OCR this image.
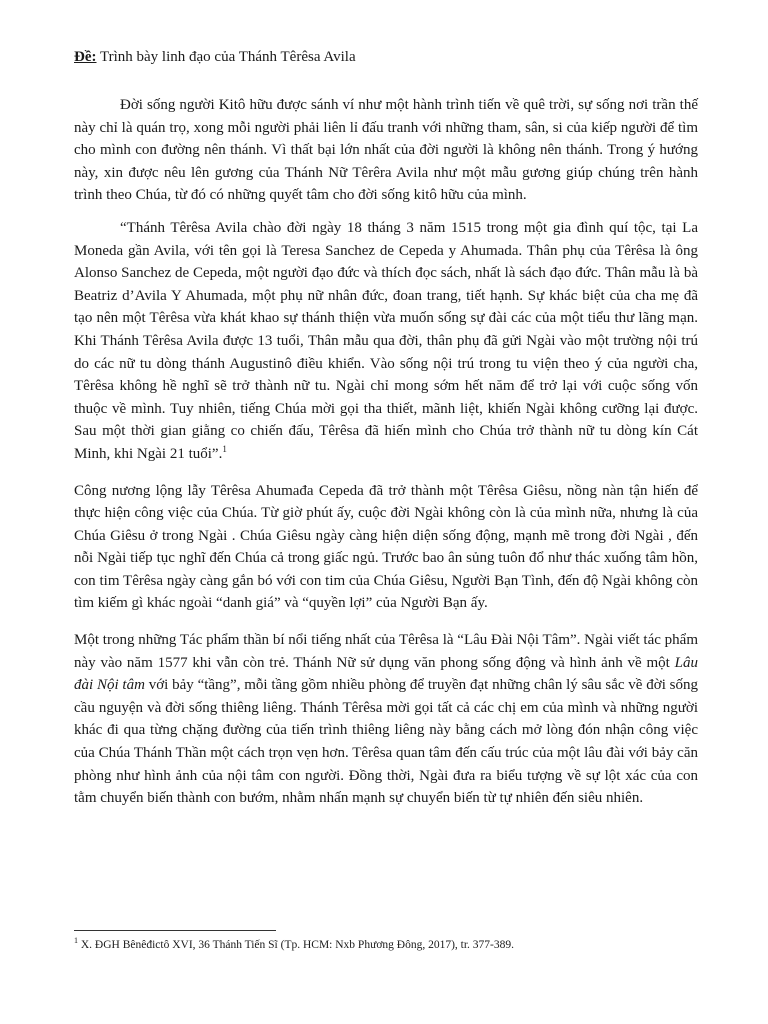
Đề: Trình bày linh đạo của Thánh Têrêsa Avila

Đời sống người Kitô hữu được sánh ví như một hành trình tiến về quê trời, sự sống nơi trần thế này chỉ là quán trọ, xong mỗi người phải liên lỉ đấu tranh với những tham, sân, si của kiếp người để tìm cho mình con đường nên thánh. Vì thất bại lớn nhất của đời người là không nên thánh. Trong ý hướng này, xin được nêu lên gương của Thánh Nữ Têrêra Avila như một mẫu gương giúp chúng trên hành trình theo Chúa, từ đó có những quyết tâm cho đời sống kitô hữu của mình.

“Thánh Têrêsa Avila chào đời ngày 18 tháng 3 năm 1515 trong một gia đình quí tộc, tại La Moneda gần Avila, với tên gọi là Teresa Sanchez de Cepeda y Ahumada. Thân phụ của Têrêsa là ông Alonso Sanchez de Cepeda, một người đạo đức và thích đọc sách, nhất là sách đạo đức. Thân mẫu là bà Beatriz d’Avila Y Ahumada, một phụ nữ nhân đức, đoan trang, tiết hạnh. Sự khác biệt của cha mẹ đã tạo nên một Têrêsa vừa khát khao sự thánh thiện vừa muốn sống sự đài các của một tiểu thư lãng mạn. Khi Thánh Têrêsa Avila được 13 tuổi, Thân mẫu qua đời, thân phụ đã gửi Ngài vào một trường nội trú do các nữ tu dòng thánh Augustinô điều khiển. Vào sống nội trú trong tu viện theo ý của người cha, Têrêsa không hề nghĩ sẽ trở thành nữ tu. Ngài chỉ mong sớm hết năm để trở lại với cuộc sống vốn thuộc về mình. Tuy nhiên, tiếng Chúa mời gọi tha thiết, mãnh liệt, khiến Ngài không cưỡng lại được. Sau một thời gian giằng co chiến đấu, Têrêsa đã hiến mình cho Chúa trở thành nữ tu dòng kín Cát Minh, khi Ngài 21 tuổi”.$^1$

Công nương lộng lẫy Têrêsa Ahumađa Cepeda đã trở thành một Têrêsa Giêsu, nồng nàn tận hiến để thực hiện công việc của Chúa. Từ giờ phút ấy, cuộc đời Ngài không còn là của mình nữa, nhưng là của Chúa Giêsu ở trong Ngài . Chúa Giêsu ngày càng hiện diện sống động, mạnh mẽ trong đời Ngài , đến nỗi Ngài tiếp tục nghĩ đến Chúa cả trong giấc ngủ. Trước bao ân sủng tuôn đổ như thác xuống tâm hồn, con tim Têrêsa ngày càng gắn bó với con tim của Chúa Giêsu, Người Bạn Tình, đến độ Ngài không còn tìm kiếm gì khác ngoài “danh giá” và “quyền lợi” của Người Bạn ấy.

Một trong những Tác phẩm thần bí nổi tiếng nhất của Têrêsa là “Lâu Đài Nội Tâm”. Ngài viết tác phẩm này vào năm 1577 khi vẫn còn trẻ. Thánh Nữ sử dụng văn phong sống động và hình ảnh về một Lâu đài Nội tâm với bảy “tầng”, mỗi tầng gồm nhiều phòng để truyền đạt những chân lý sâu sắc về đời sống cầu nguyện và đời sống thiêng liêng. Thánh Têrêsa mời gọi tất cả các chị em của mình và những người khác đi qua từng chặng đường của tiến trình thiêng liêng này bằng cách mở lòng đón nhận công việc của Chúa Thánh Thần một cách trọn vẹn hơn. Têrêsa quan tâm đến cấu trúc của một lâu đài với bảy căn phòng như hình ảnh của nội tâm con người. Đồng thời, Ngài đưa ra biểu tượng về sự lột xác của con tằm chuyển biến thành con bướm, nhằm nhấn mạnh sự chuyển biến từ tự nhiên đến siêu nhiên.

$^1$ X. ĐGH Bênêđictô XVI, 36 Thánh Tiến Sĩ (Tp. HCM: Nxb Phương Đông, 2017), tr. 377-389.
